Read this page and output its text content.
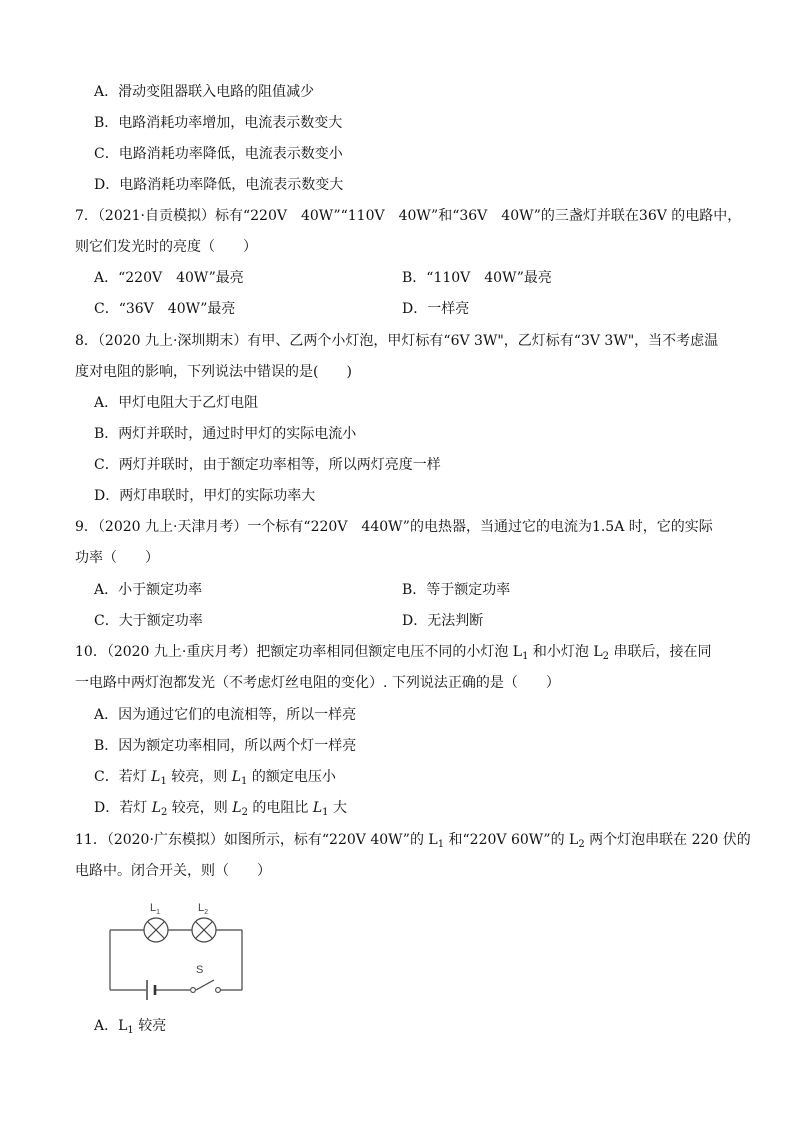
A．滑动变阻器联入电路的阻值减少
B．电路消耗功率增加，电流表示数变大
C．电路消耗功率降低，电流表示数变小
D．电路消耗功率降低，电流表示数变大
7．（2021·自贡模拟）标有“220V　40W”“110V　40W”和“36V　40W”的三盏灯并联在36V 的电路中，
则它们发光时的亮度（　　）
A．“220V　40W”最亮	B．“110V　40W”最亮
C．“36V　40W”最亮	D．一样亮
8．（2020 九上·深圳期末）有甲、乙两个小灯泡，甲灯标有“6V 3W"，乙灯标有“3V 3W"，当不考虑温
度对电阻的影响，下列说法中错误的是(　　)
A．甲灯电阻大于乙灯电阻
B．两灯并联时，通过时甲灯的实际电流小
C．两灯并联时，由于额定功率相等，所以两灯亮度一样
D．两灯串联时，甲灯的实际功率大
9．（2020 九上·天津月考）一个标有“220V　440W”的电热器，当通过它的电流为1.5A 时，它的实际
功率（　　）
A．小于额定功率	B．等于额定功率
C．大于额定功率	D．无法判断
10．（2020 九上·重庆月考）把额定功率相同但额定电压不同的小灯泡 $L_1$ 和小灯泡 $L_2$ 串联后，接在同
一电路中两灯泡都发光（不考虑灯丝电阻的变化）. 下列说法正确的是（　　）
A．因为通过它们的电流相等，所以一样亮
B．因为额定功率相同，所以两个灯一样亮
C．若灯 $L_1$ 较亮，则 $L_1$ 的额定电压小
D．若灯 $L_2$ 较亮，则 $L_2$ 的电阻比 $L_1$ 大
11．（2020·广东模拟）如图所示，标有“220V 40W”的 $L_1$ 和“220V 60W”的 $L_2$ 两个灯泡串联在 220 伏的
电路中。闭合开关，则（　　）
$L_1$	$L_2$
S
A．$L_1$ 较亮
